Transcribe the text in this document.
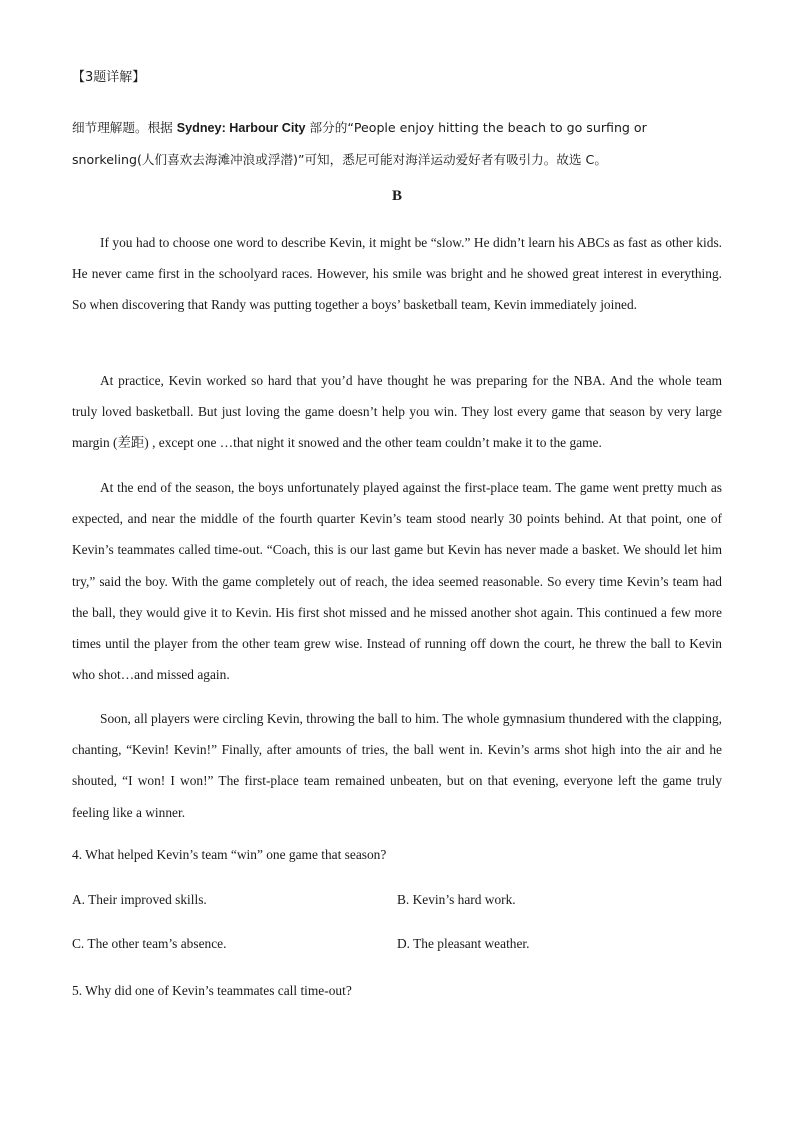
【3题详解】

细节理解题。根据 Sydney: Harbour City 部分的“People enjoy hitting the beach to go surfing or snorkeling(人们喜欢去海滩冲浪或浮潜)”可知，悉尼可能对海洋运动爱好者有吸引力。故选 C。

B

If you had to choose one word to describe Kevin, it might be “slow.” He didn’t learn his ABCs as fast as other kids. He never came first in the schoolyard races. However, his smile was bright and he showed great interest in everything. So when discovering that Randy was putting together a boys’ basketball team, Kevin immediately joined.

At practice, Kevin worked so hard that you’d have thought he was preparing for the NBA. And the whole team truly loved basketball. But just loving the game doesn’t help you win. They lost every game that season by very large margin (差距) , except one …that night it snowed and the other team couldn’t make it to the game.

At the end of the season, the boys unfortunately played against the first-place team. The game went pretty much as expected, and near the middle of the fourth quarter Kevin’s team stood nearly 30 points behind. At that point, one of Kevin’s teammates called time-out. “Coach, this is our last game but Kevin has never made a basket. We should let him try,” said the boy. With the game completely out of reach, the idea seemed reasonable. So every time Kevin’s team had the ball, they would give it to Kevin. His first shot missed and he missed another shot again. This continued a few more times until the player from the other team grew wise. Instead of running off down the court, he threw the ball to Kevin who shot…and missed again.

Soon, all players were circling Kevin, throwing the ball to him. The whole gymnasium thundered with the clapping, chanting, “Kevin! Kevin!” Finally, after amounts of tries, the ball went in. Kevin’s arms shot high into the air and he shouted, “I won! I won!” The first-place team remained unbeaten, but on that evening, everyone left the game truly feeling like a winner.

4. What helped Kevin’s team “win” one game that season?

A. Their improved skills.	B. Kevin’s hard work.

C. The other team’s absence.	D. The pleasant weather.

5. Why did one of Kevin’s teammates call time-out?
